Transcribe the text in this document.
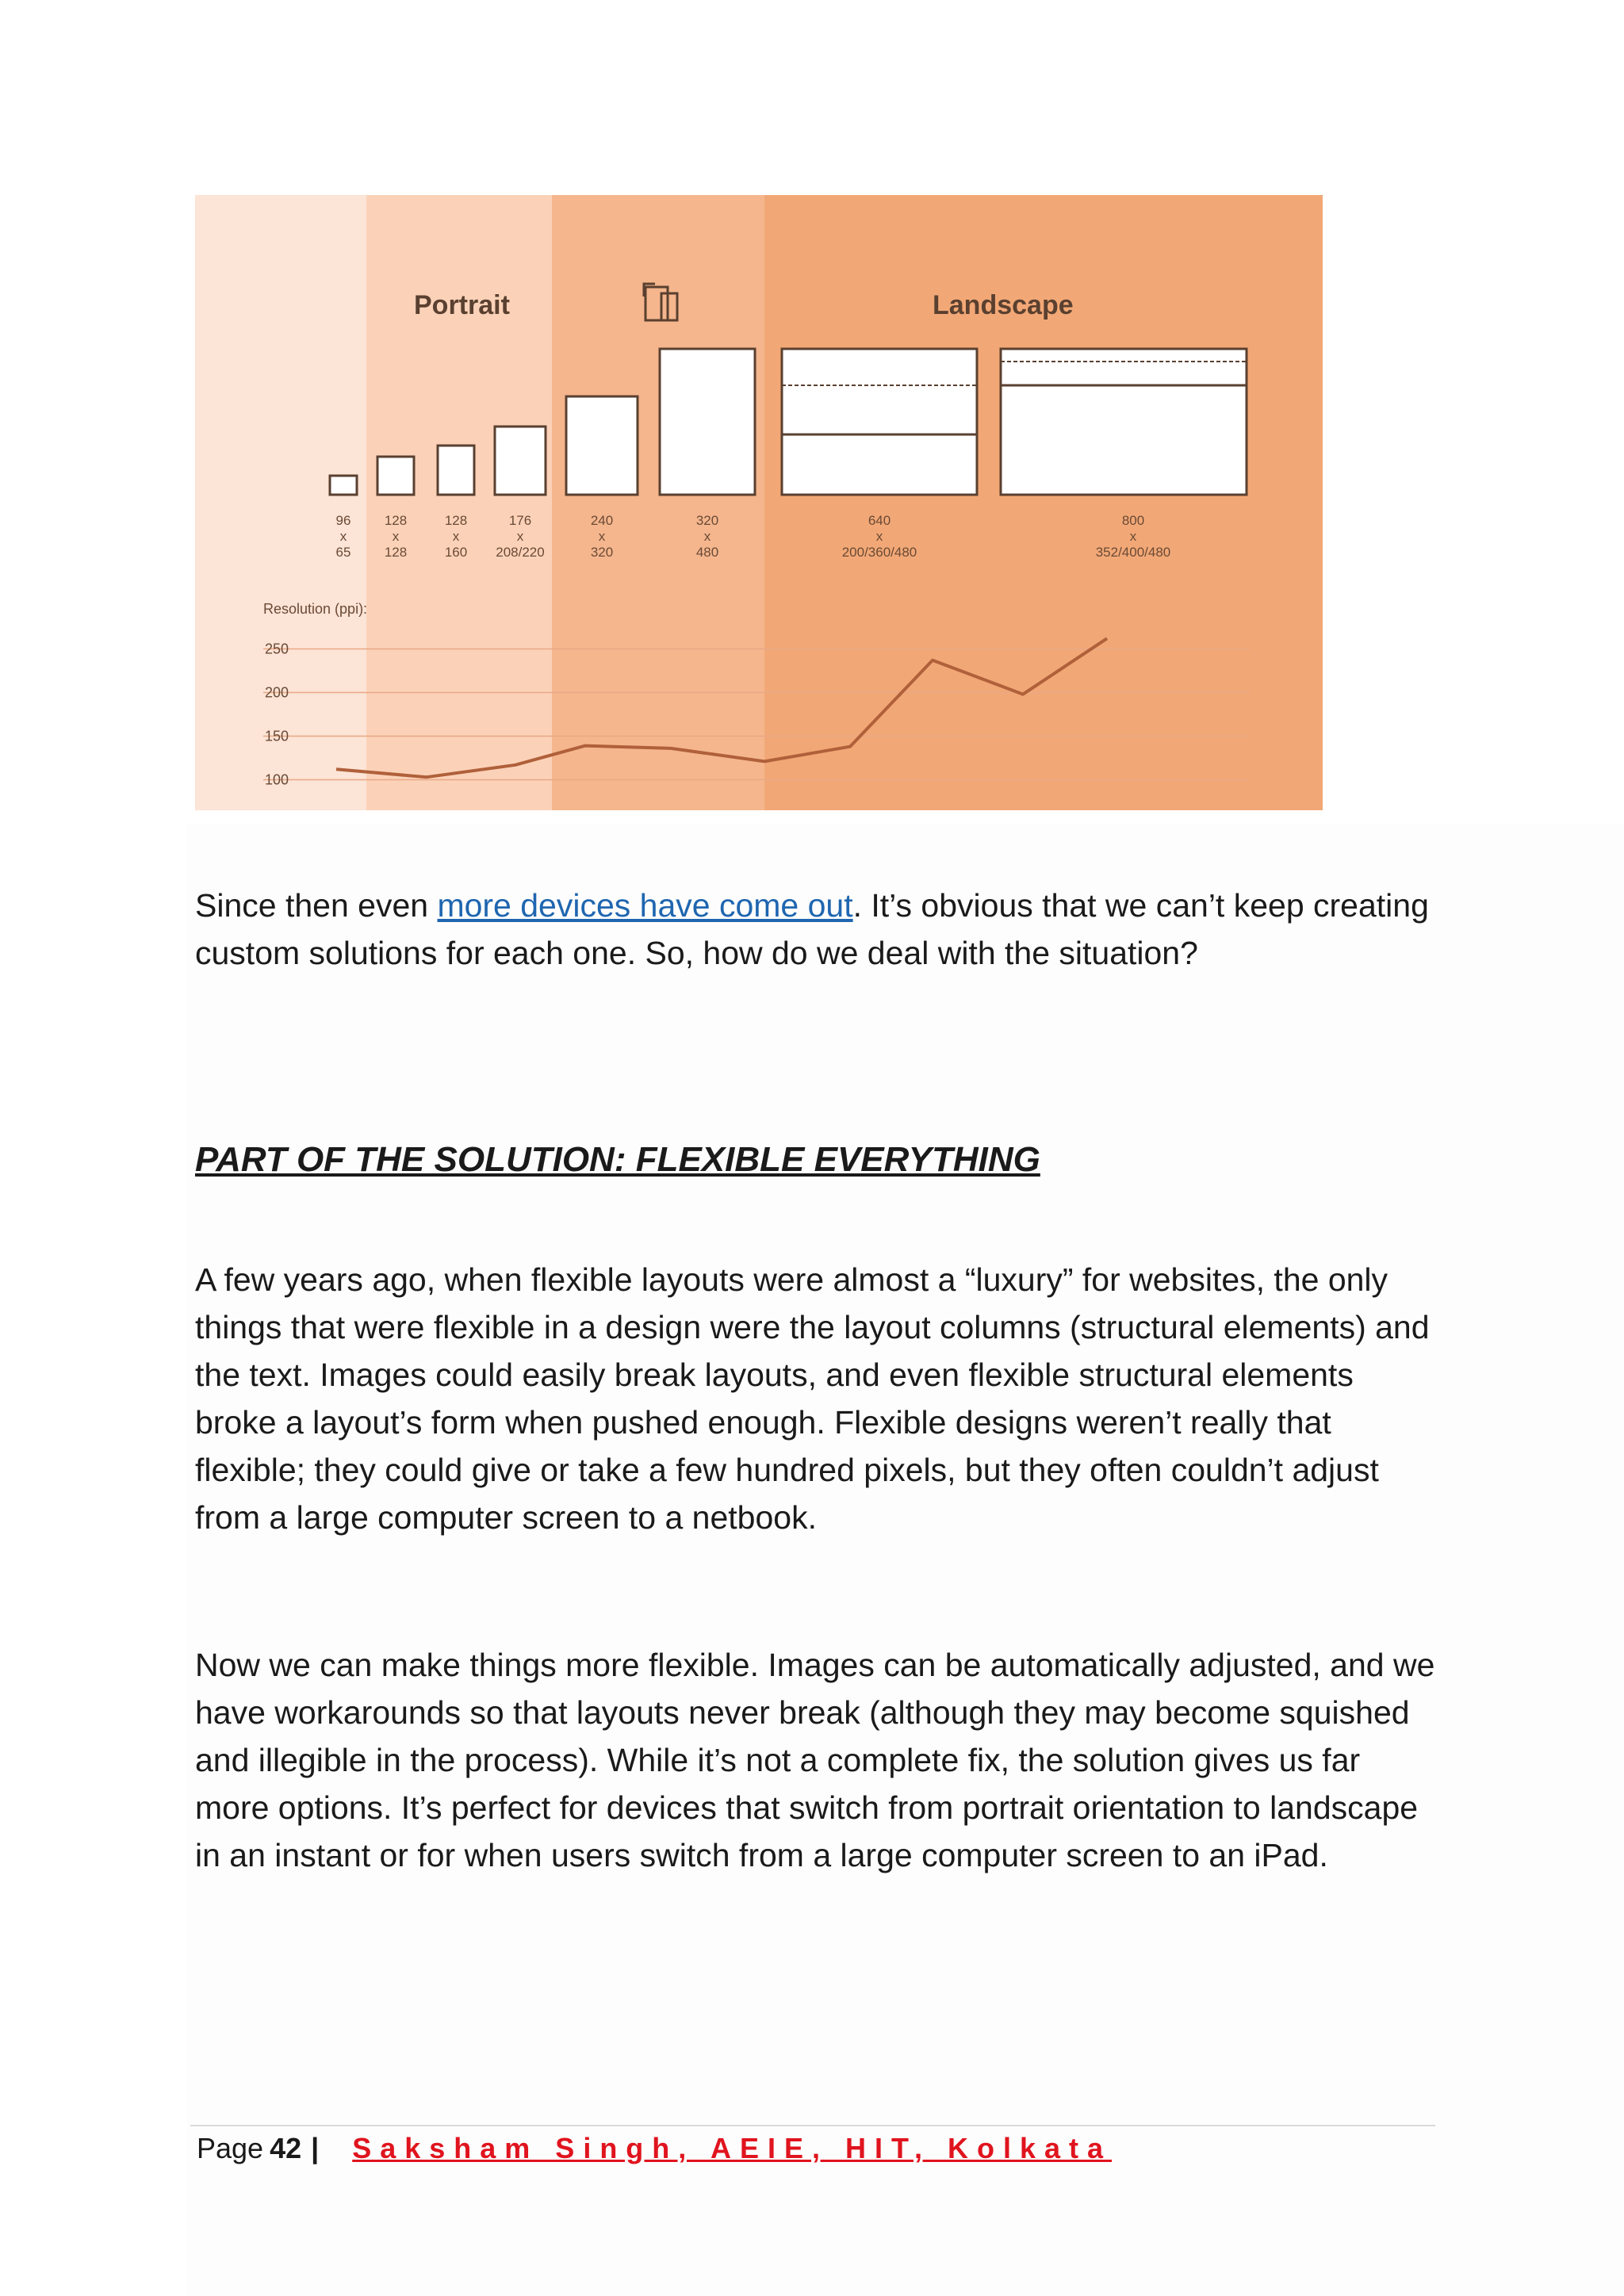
Portrait	Landscape
96
x
65
128
x
128
128
x
160
176
x
208/220
240
x
320
320
x
480
640
x
200/360/480
800
x
352/400/480
Resolution (ppi):
100
150
200
250

Since then even more devices have come out. It’s obvious that we can’t keep creating custom solutions for each one. So, how do we deal with the situation?

PART OF THE SOLUTION: FLEXIBLE EVERYTHING

A few years ago, when flexible layouts were almost a “luxury” for websites, the only things that were flexible in a design were the layout columns (structural elements) and the text. Images could easily break layouts, and even flexible structural elements broke a layout’s form when pushed enough. Flexible designs weren’t really that flexible; they could give or take a few hundred pixels, but they often couldn’t adjust from a large computer screen to a netbook.

Now we can make things more flexible. Images can be automatically adjusted, and we have workarounds so that layouts never break (although they may become squished and illegible in the process). While it’s not a complete fix, the solution gives us far more options. It’s perfect for devices that switch from portrait orientation to landscape in an instant or for when users switch from a large computer screen to an iPad.

Page 42 | Saksham Singh, AEIE, HIT, Kolkata
